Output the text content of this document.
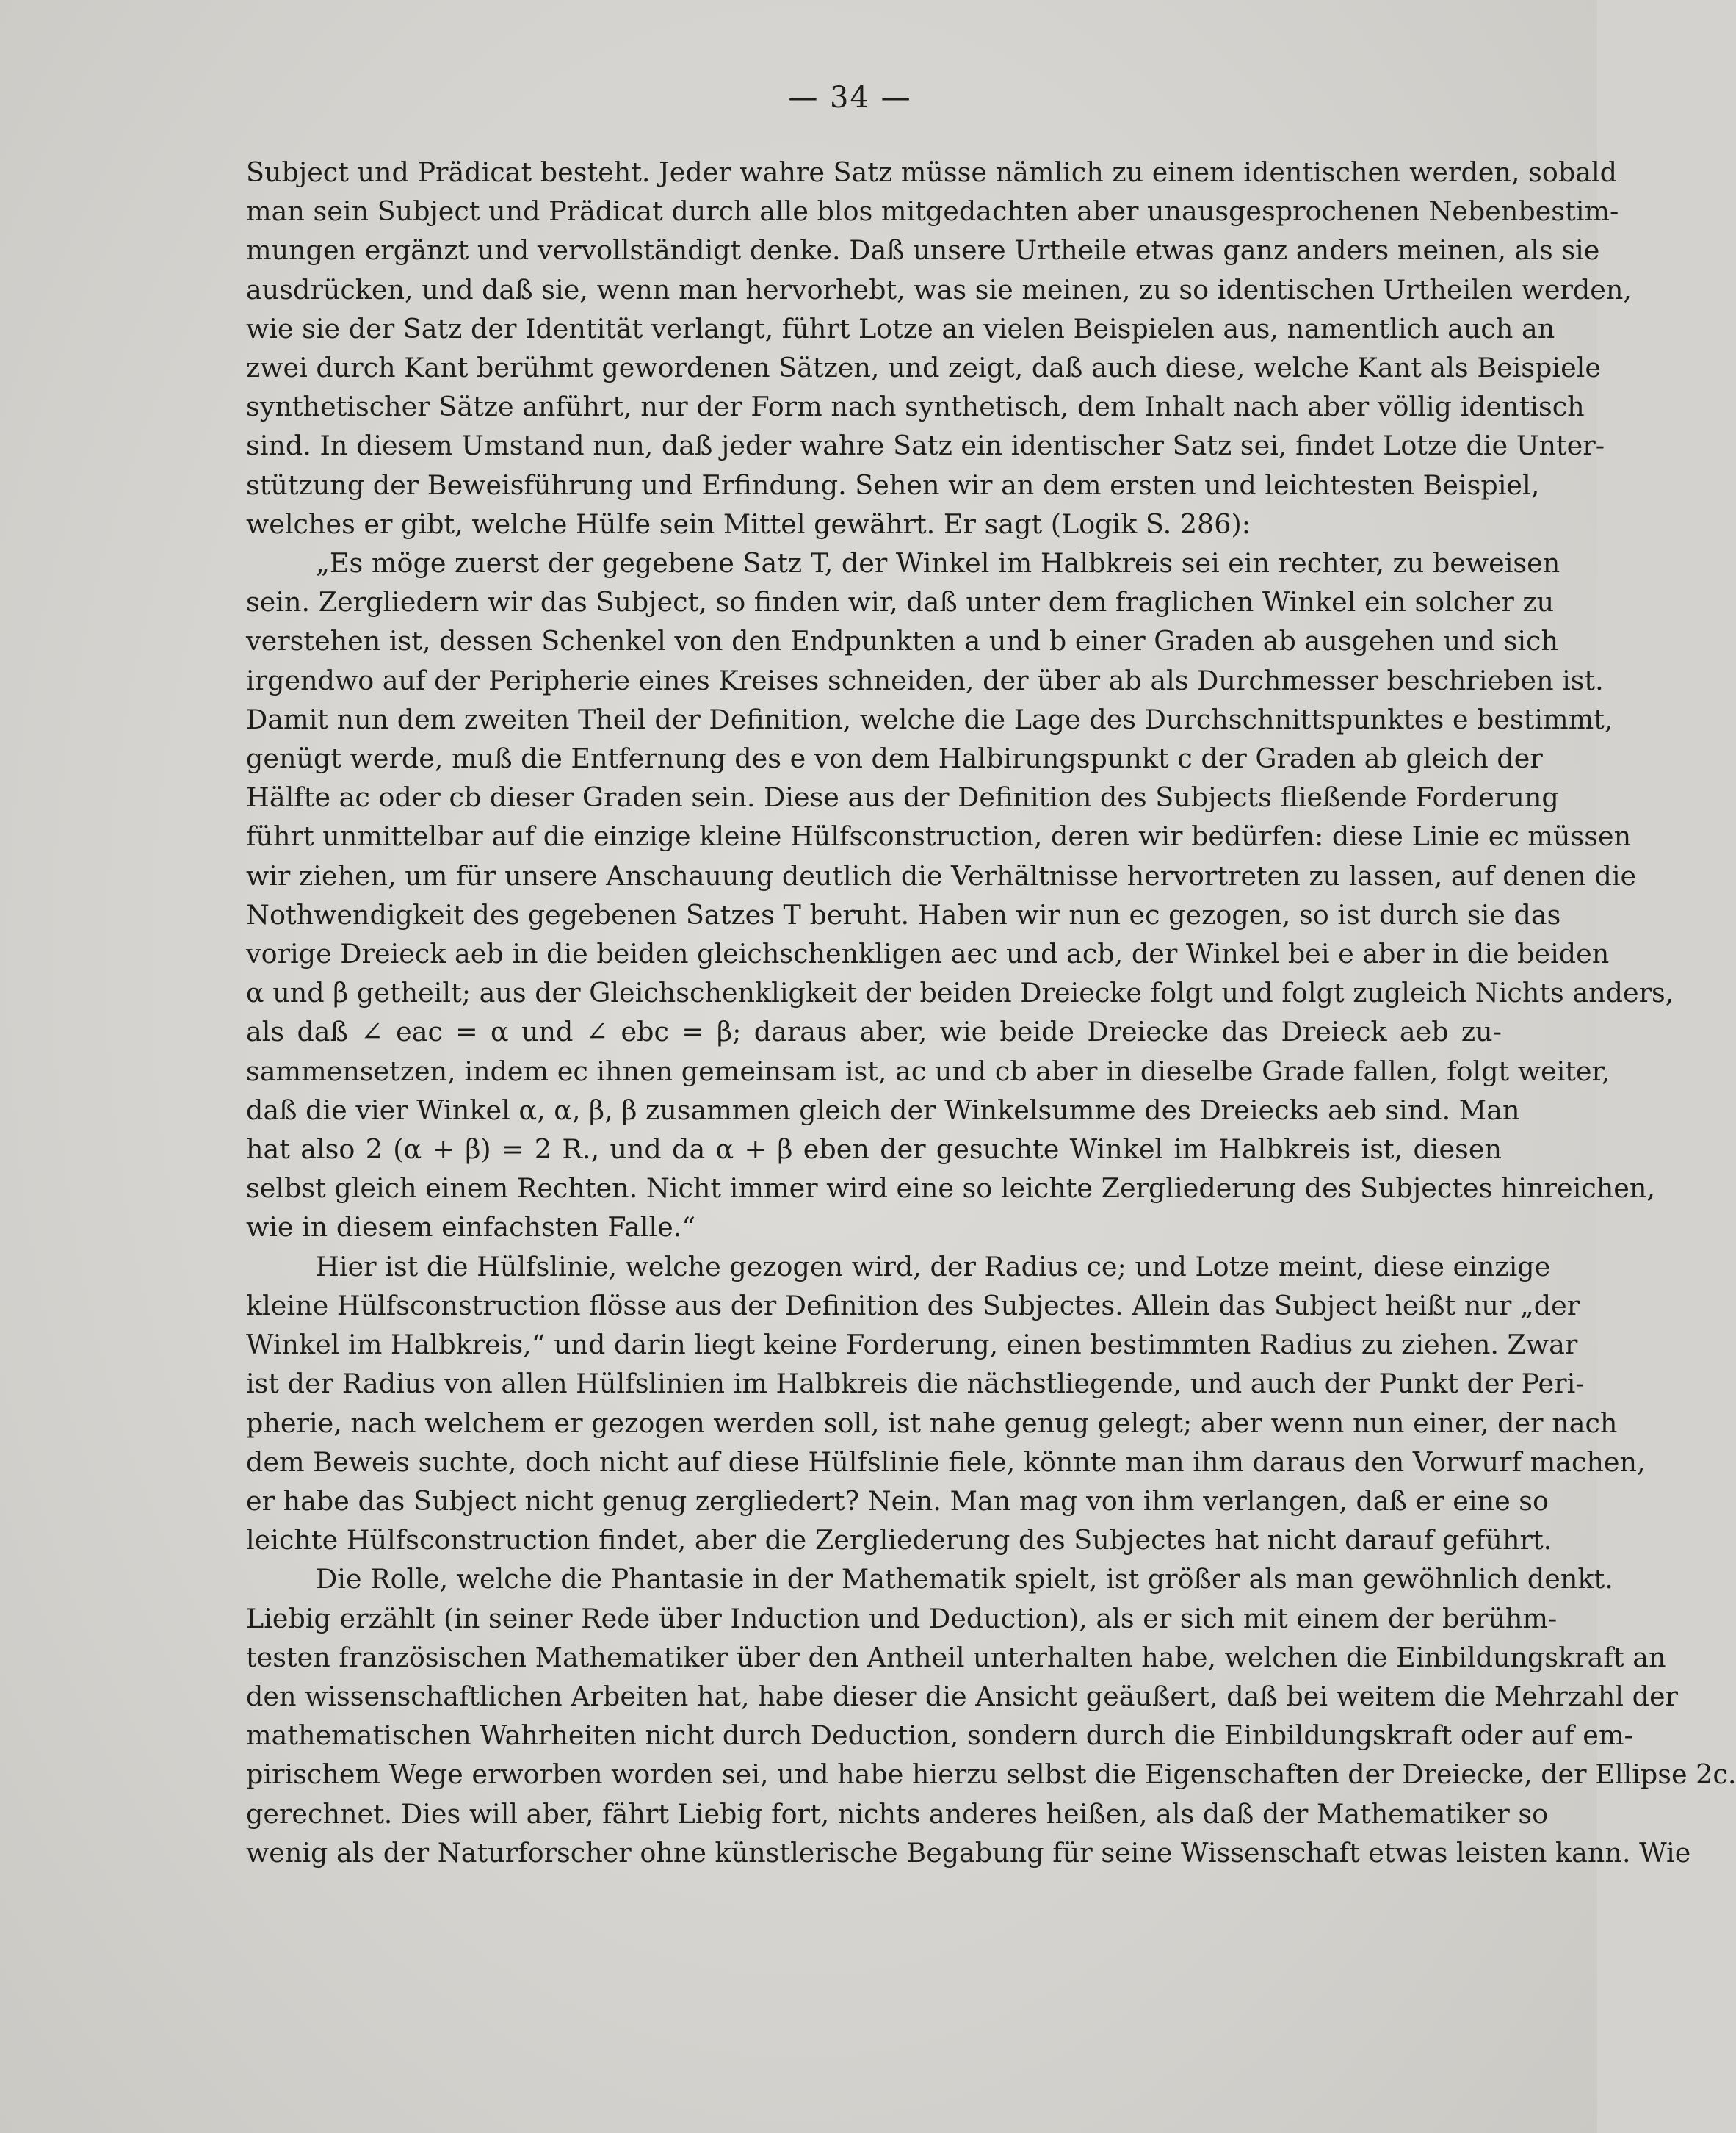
— 34 —

Subject und Prädicat besteht. Jeder wahre Satz müsse nämlich zu einem identischen werden, sobald
man sein Subject und Prädicat durch alle blos mitgedachten aber unausgesprochenen Nebenbestim-
mungen ergänzt und vervollständigt denke. Daß unsere Urtheile etwas ganz anders meinen, als sie
ausdrücken, und daß sie, wenn man hervorhebt, was sie meinen, zu so identischen Urtheilen werden,
wie sie der Satz der Identität verlangt, führt Lotze an vielen Beispielen aus, namentlich auch an
zwei durch Kant berühmt gewordenen Sätzen, und zeigt, daß auch diese, welche Kant als Beispiele
synthetischer Sätze anführt, nur der Form nach synthetisch, dem Inhalt nach aber völlig identisch
sind. In diesem Umstand nun, daß jeder wahre Satz ein identischer Satz sei, findet Lotze die Unter-
stützung der Beweisführung und Erfindung. Sehen wir an dem ersten und leichtesten Beispiel,
welches er gibt, welche Hülfe sein Mittel gewährt. Er sagt (Logik S. 286):

„Es möge zuerst der gegebene Satz T, der Winkel im Halbkreis sei ein rechter, zu beweisen
sein. Zergliedern wir das Subject, so finden wir, daß unter dem fraglichen Winkel ein solcher zu
verstehen ist, dessen Schenkel von den Endpunkten a und b einer Graden ab ausgehen und sich
irgendwo auf der Peripherie eines Kreises schneiden, der über ab als Durchmesser beschrieben ist.
Damit nun dem zweiten Theil der Definition, welche die Lage des Durchschnittspunktes e bestimmt,
genügt werde, muß die Entfernung des e von dem Halbirungspunkt c der Graden ab gleich der
Hälfte ac oder cb dieser Graden sein. Diese aus der Definition des Subjects fließende Forderung
führt unmittelbar auf die einzige kleine Hülfsconstruction, deren wir bedürfen: diese Linie ec müssen
wir ziehen, um für unsere Anschauung deutlich die Verhältnisse hervortreten zu lassen, auf denen die
Nothwendigkeit des gegebenen Satzes T beruht. Haben wir nun ec gezogen, so ist durch sie das
vorige Dreieck aeb in die beiden gleichschenkligen aec und acb, der Winkel bei e aber in die beiden
α und β getheilt; aus der Gleichschenkligkeit der beiden Dreiecke folgt und folgt zugleich Nichts anders,
als daß ∠ eac = α und ∠ ebc = β; daraus aber, wie beide Dreiecke das Dreieck aeb zu-
sammensetzen, indem ec ihnen gemeinsam ist, ac und cb aber in dieselbe Grade fallen, folgt weiter,
daß die vier Winkel α, α, β, β zusammen gleich der Winkelsumme des Dreiecks aeb sind. Man
hat also 2 (α + β) = 2 R., und da α + β eben der gesuchte Winkel im Halbkreis ist, diesen
selbst gleich einem Rechten. Nicht immer wird eine so leichte Zergliederung des Subjectes hinreichen,
wie in diesem einfachsten Falle.“

Hier ist die Hülfslinie, welche gezogen wird, der Radius ce; und Lotze meint, diese einzige
kleine Hülfsconstruction flösse aus der Definition des Subjectes. Allein das Subject heißt nur „der
Winkel im Halbkreis,“ und darin liegt keine Forderung, einen bestimmten Radius zu ziehen. Zwar
ist der Radius von allen Hülfslinien im Halbkreis die nächstliegende, und auch der Punkt der Peri-
pherie, nach welchem er gezogen werden soll, ist nahe genug gelegt; aber wenn nun einer, der nach
dem Beweis suchte, doch nicht auf diese Hülfslinie fiele, könnte man ihm daraus den Vorwurf machen,
er habe das Subject nicht genug zergliedert? Nein. Man mag von ihm verlangen, daß er eine so
leichte Hülfsconstruction findet, aber die Zergliederung des Subjectes hat nicht darauf geführt.

Die Rolle, welche die Phantasie in der Mathematik spielt, ist größer als man gewöhnlich denkt.
Liebig erzählt (in seiner Rede über Induction und Deduction), als er sich mit einem der berühm-
testen französischen Mathematiker über den Antheil unterhalten habe, welchen die Einbildungskraft an
den wissenschaftlichen Arbeiten hat, habe dieser die Ansicht geäußert, daß bei weitem die Mehrzahl der
mathematischen Wahrheiten nicht durch Deduction, sondern durch die Einbildungskraft oder auf em-
pirischem Wege erworben worden sei, und habe hierzu selbst die Eigenschaften der Dreiecke, der Ellipse 2c.
gerechnet. Dies will aber, fährt Liebig fort, nichts anderes heißen, als daß der Mathematiker so
wenig als der Naturforscher ohne künstlerische Begabung für seine Wissenschaft etwas leisten kann. Wie
